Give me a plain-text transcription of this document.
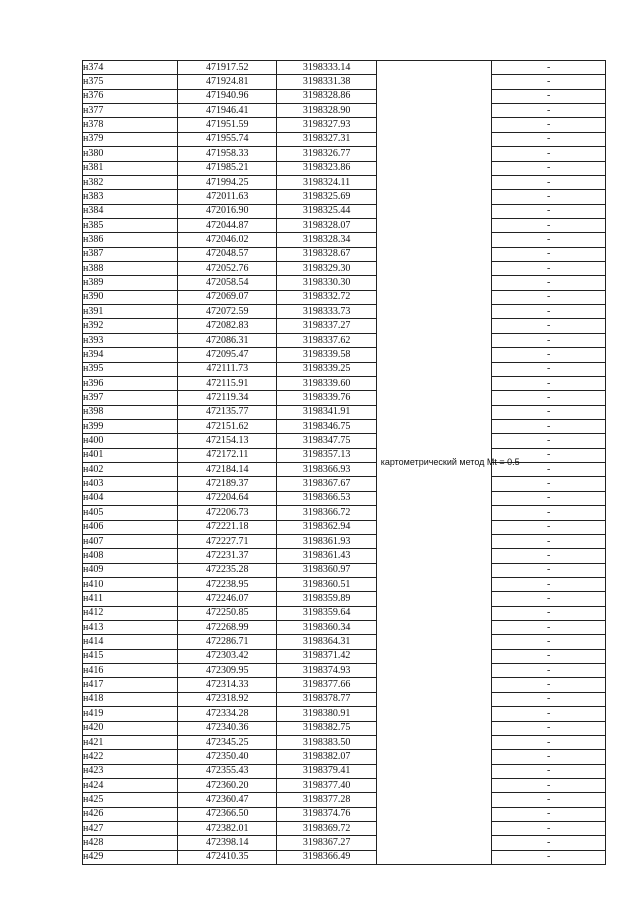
н374	471917.52	3198333.14	картометрический метод Mt = 0.5	-
н375	471924.81	3198331.38		-
н376	471940.96	3198328.86		-
н377	471946.41	3198328.90		-
н378	471951.59	3198327.93		-
н379	471955.74	3198327.31		-
н380	471958.33	3198326.77		-
н381	471985.21	3198323.86		-
н382	471994.25	3198324.11		-
н383	472011.63	3198325.69		-
н384	472016.90	3198325.44		-
н385	472044.87	3198328.07		-
н386	472046.02	3198328.34		-
н387	472048.57	3198328.67		-
н388	472052.76	3198329.30		-
н389	472058.54	3198330.30		-
н390	472069.07	3198332.72		-
н391	472072.59	3198333.73		-
н392	472082.83	3198337.27		-
н393	472086.31	3198337.62		-
н394	472095.47	3198339.58		-
н395	472111.73	3198339.25		-
н396	472115.91	3198339.60		-
н397	472119.34	3198339.76		-
н398	472135.77	3198341.91		-
н399	472151.62	3198346.75		-
н400	472154.13	3198347.75		-
н401	472172.11	3198357.13		-
н402	472184.14	3198366.93		-
н403	472189.37	3198367.67		-
н404	472204.64	3198366.53		-
н405	472206.73	3198366.72		-
н406	472221.18	3198362.94		-
н407	472227.71	3198361.93		-
н408	472231.37	3198361.43		-
н409	472235.28	3198360.97		-
н410	472238.95	3198360.51		-
н411	472246.07	3198359.89		-
н412	472250.85	3198359.64		-
н413	472268.99	3198360.34		-
н414	472286.71	3198364.31		-
н415	472303.42	3198371.42		-
н416	472309.95	3198374.93		-
н417	472314.33	3198377.66		-
н418	472318.92	3198378.77		-
н419	472334.28	3198380.91		-
н420	472340.36	3198382.75		-
н421	472345.25	3198383.50		-
н422	472350.40	3198382.07		-
н423	472355.43	3198379.41		-
н424	472360.20	3198377.40		-
н425	472360.47	3198377.28		-
н426	472366.50	3198374.76		-
н427	472382.01	3198369.72		-
н428	472398.14	3198367.27		-
н429	472410.35	3198366.49		-
